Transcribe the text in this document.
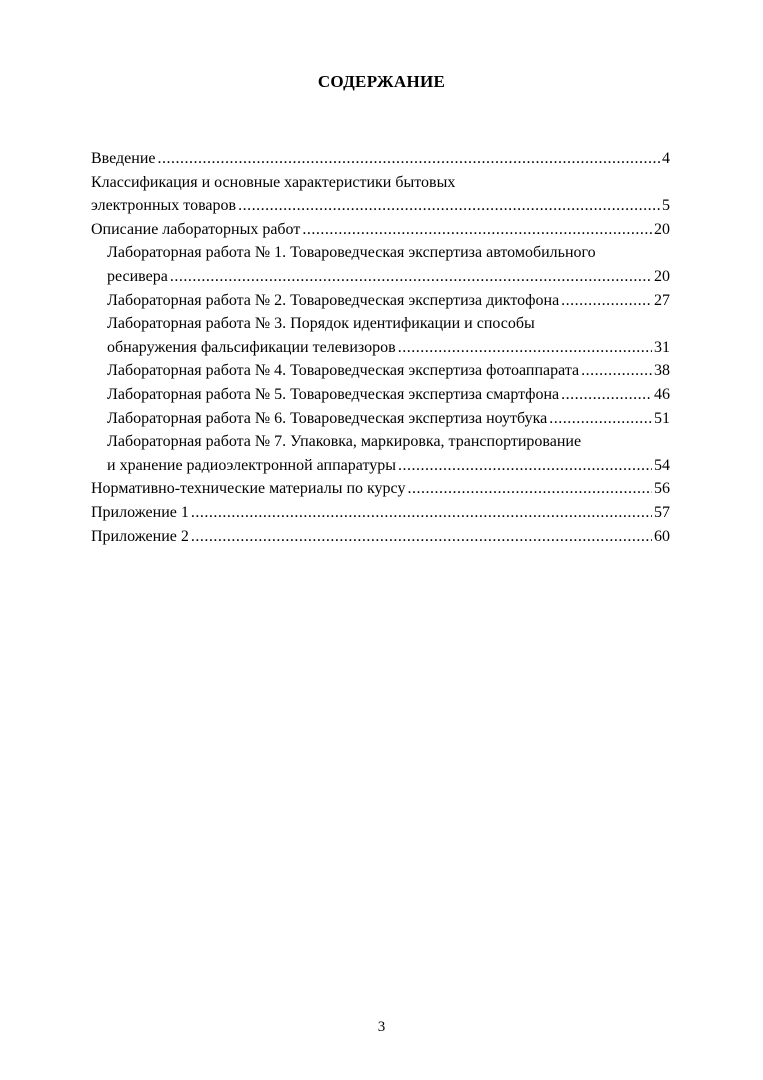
СОДЕРЖАНИЕ
Введение .....	4
Классификация и основные характеристики бытовых
электронных товаров .....	5
Описание лабораторных работ .....	20
Лабораторная работа № 1. Товароведческая экспертиза автомобильного
ресивера .....	20
Лабораторная работа № 2. Товароведческая экспертиза диктофона .....	27
Лабораторная работа № 3. Порядок идентификации и способы
обнаружения фальсификации телевизоров .....	31
Лабораторная работа № 4. Товароведческая экспертиза фотоаппарата .....	38
Лабораторная работа № 5. Товароведческая экспертиза смартфона .....	46
Лабораторная работа № 6. Товароведческая экспертиза ноутбука .....	51
Лабораторная работа № 7. Упаковка, маркировка, транспортирование
и хранение радиоэлектронной аппаратуры .....	54
Нормативно-технические материалы по курсу .....	56
Приложение 1 .....	57
Приложение 2 .....	60
3
